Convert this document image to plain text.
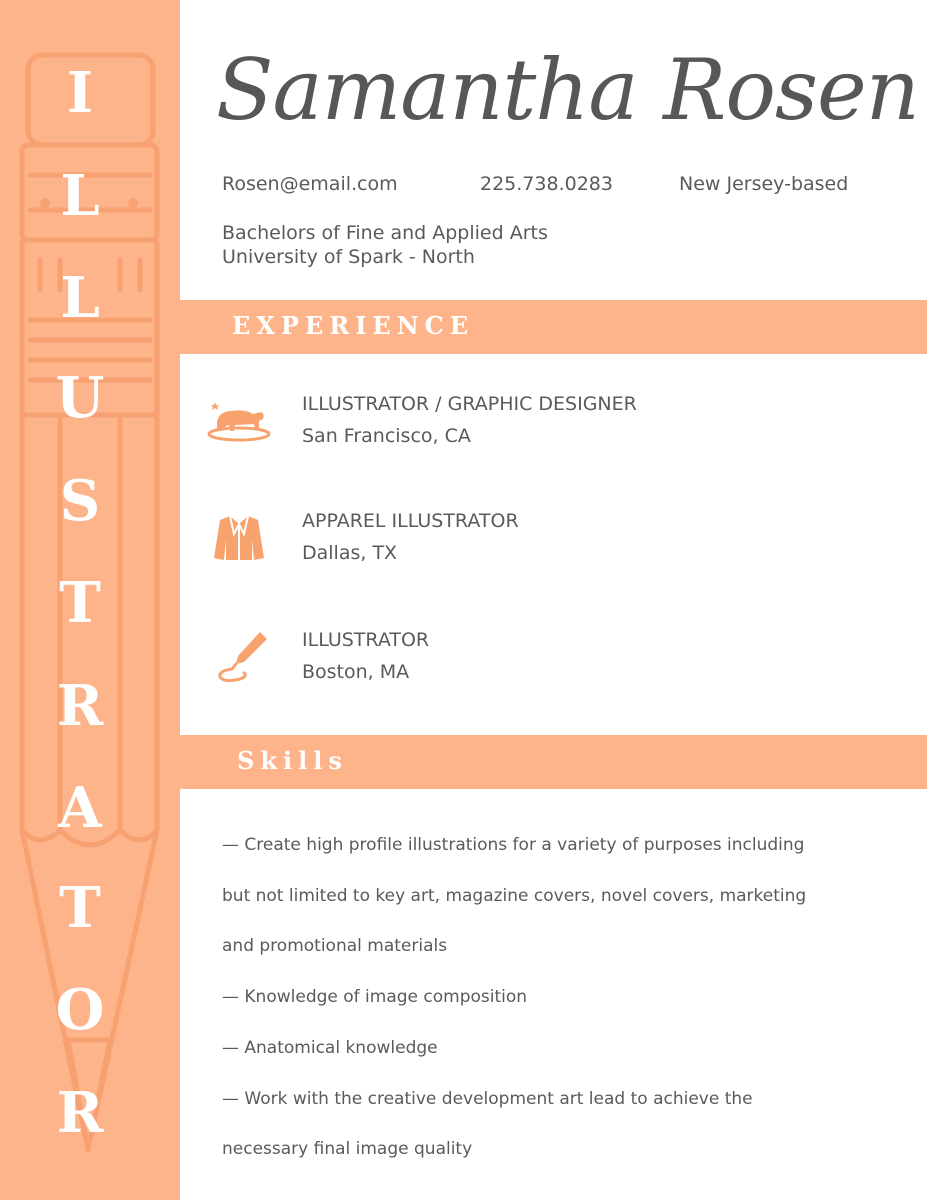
I
L
L
U
S
T
R
A
T
O
R
Samantha Rosen
Rosen@email.com	225.738.0283	New Jersey-based
Bachelors of Fine and Applied Arts
University of Spark - North
EXPERIENCE
ILLUSTRATOR / GRAPHIC DESIGNER
San Francisco, CA
APPAREL ILLUSTRATOR
Dallas, TX
ILLUSTRATOR
Boston, MA
Skills
— Create high profile illustrations for a variety of purposes including
but not limited to key art, magazine covers, novel covers, marketing
and promotional materials
— Knowledge of image composition
— Anatomical knowledge
— Work with the creative development art lead to achieve the
necessary final image quality
